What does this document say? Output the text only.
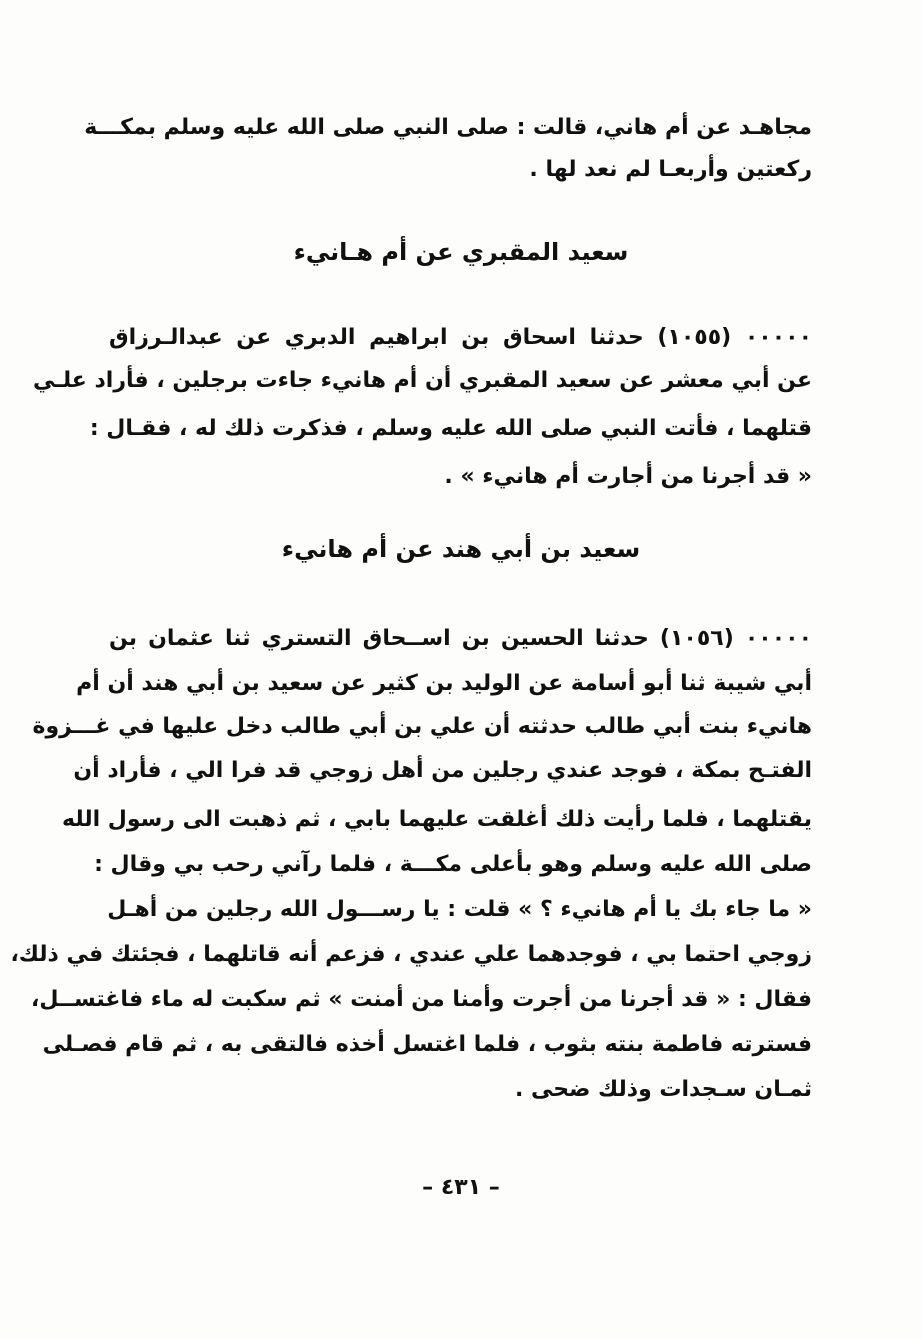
مجاهـد عن أم هاني، قالت : صلى النبي صلى الله عليه وسلم بمكـــة
ركعتين وأربعـا لم نعد لها .
سعيد المقبري عن أم هـانيء
٠٠٠٠٠ (١٠٥٥) حدثنا اسحاق بن ابراهيم الدبري عن عبدالـرزاق
عن أبي معشر عن سعيد المقبري أن أم هانيء جاءت برجلين ، فأراد علـي
قتلهما ، فأتت النبي صلى الله عليه وسلم ، فذكرت ذلك له ، فقـال :
« قد أجرنا من أجارت أم هانيء » .
سعيد بن أبي هند عن أم هانيء
٠٠٠٠٠ (١٠٥٦) حدثنا الحسين بن اســحاق التستري ثنا عثمان بن
أبي شيبة ثنا أبو أسامة عن الوليد بن كثير عن سعيد بن أبي هند أن أم
هانيء بنت أبي طالب حدثته أن علي بن أبي طالب دخل عليها في غـــزوة
الفتـح بمكة ، فوجد عندي رجلين من أهل زوجي قد فرا الي ، فأراد أن
يقتلهما ، فلما رأيت ذلك أغلقت عليهما بابي ، ثم ذهبت الى رسول الله
صلى الله عليه وسلم وهو بأعلى مكـــة ، فلما رآني رحب بي وقال :
« ما جاء بك يا أم هانيء ؟ » قلت : يا رســـول الله رجلين من أهـل
زوجي احتما بي ، فوجدهما علي عندي ، فزعم أنه قاتلهما ، فجئتك في ذلك،
فقال : « قد أجرنا من أجرت وأمنا من أمنت » ثم سكبت له ماء فاغتســل،
فسترته فاطمة بنته بثوب ، فلما اغتسل أخذه فالتقى به ، ثم قام فصـلى
ثمـان سـجدات وذلك ضحى .
– ٤٣١ –
